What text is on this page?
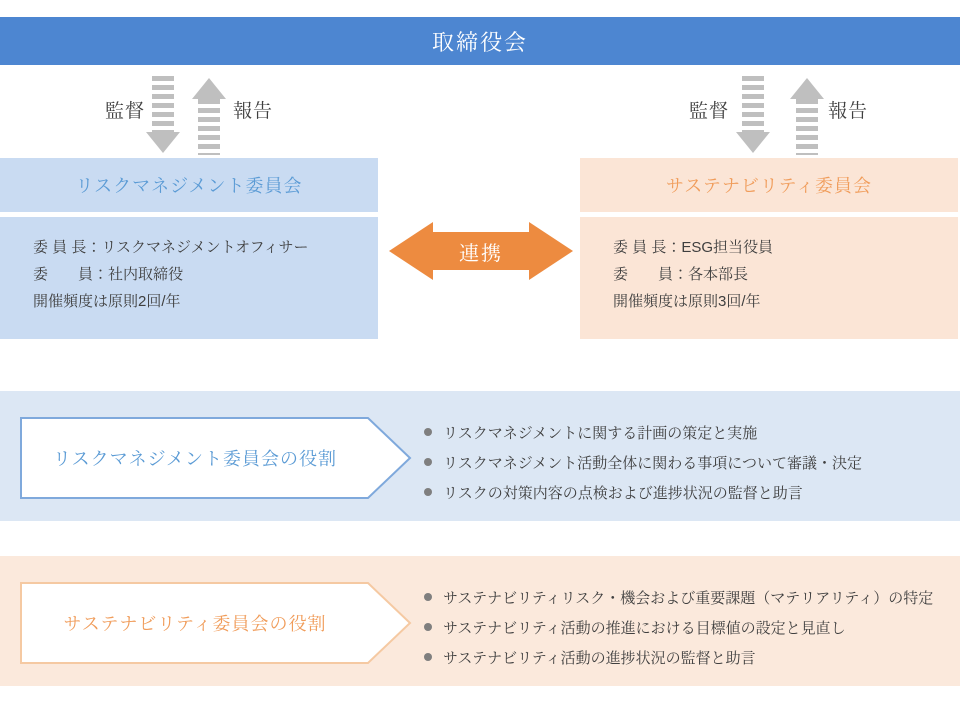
取締役会
監督	報告	監督	報告
リスクマネジメント委員会
委 員 長：リスクマネジメントオフィサー
委　　員：社内取締役
開催頻度は原則2回/年
サステナビリティ委員会
委 員 長：ESG担当役員
委　　員：各本部長
開催頻度は原則3回/年
連携
リスクマネジメント委員会の役割
リスクマネジメントに関する計画の策定と実施
リスクマネジメント活動全体に関わる事項について審議・決定
リスクの対策内容の点検および進捗状況の監督と助言
サステナビリティ委員会の役割
サステナビリティリスク・機会および重要課題（マテリアリティ）の特定
サステナビリティ活動の推進における目標値の設定と見直し
サステナビリティ活動の進捗状況の監督と助言
